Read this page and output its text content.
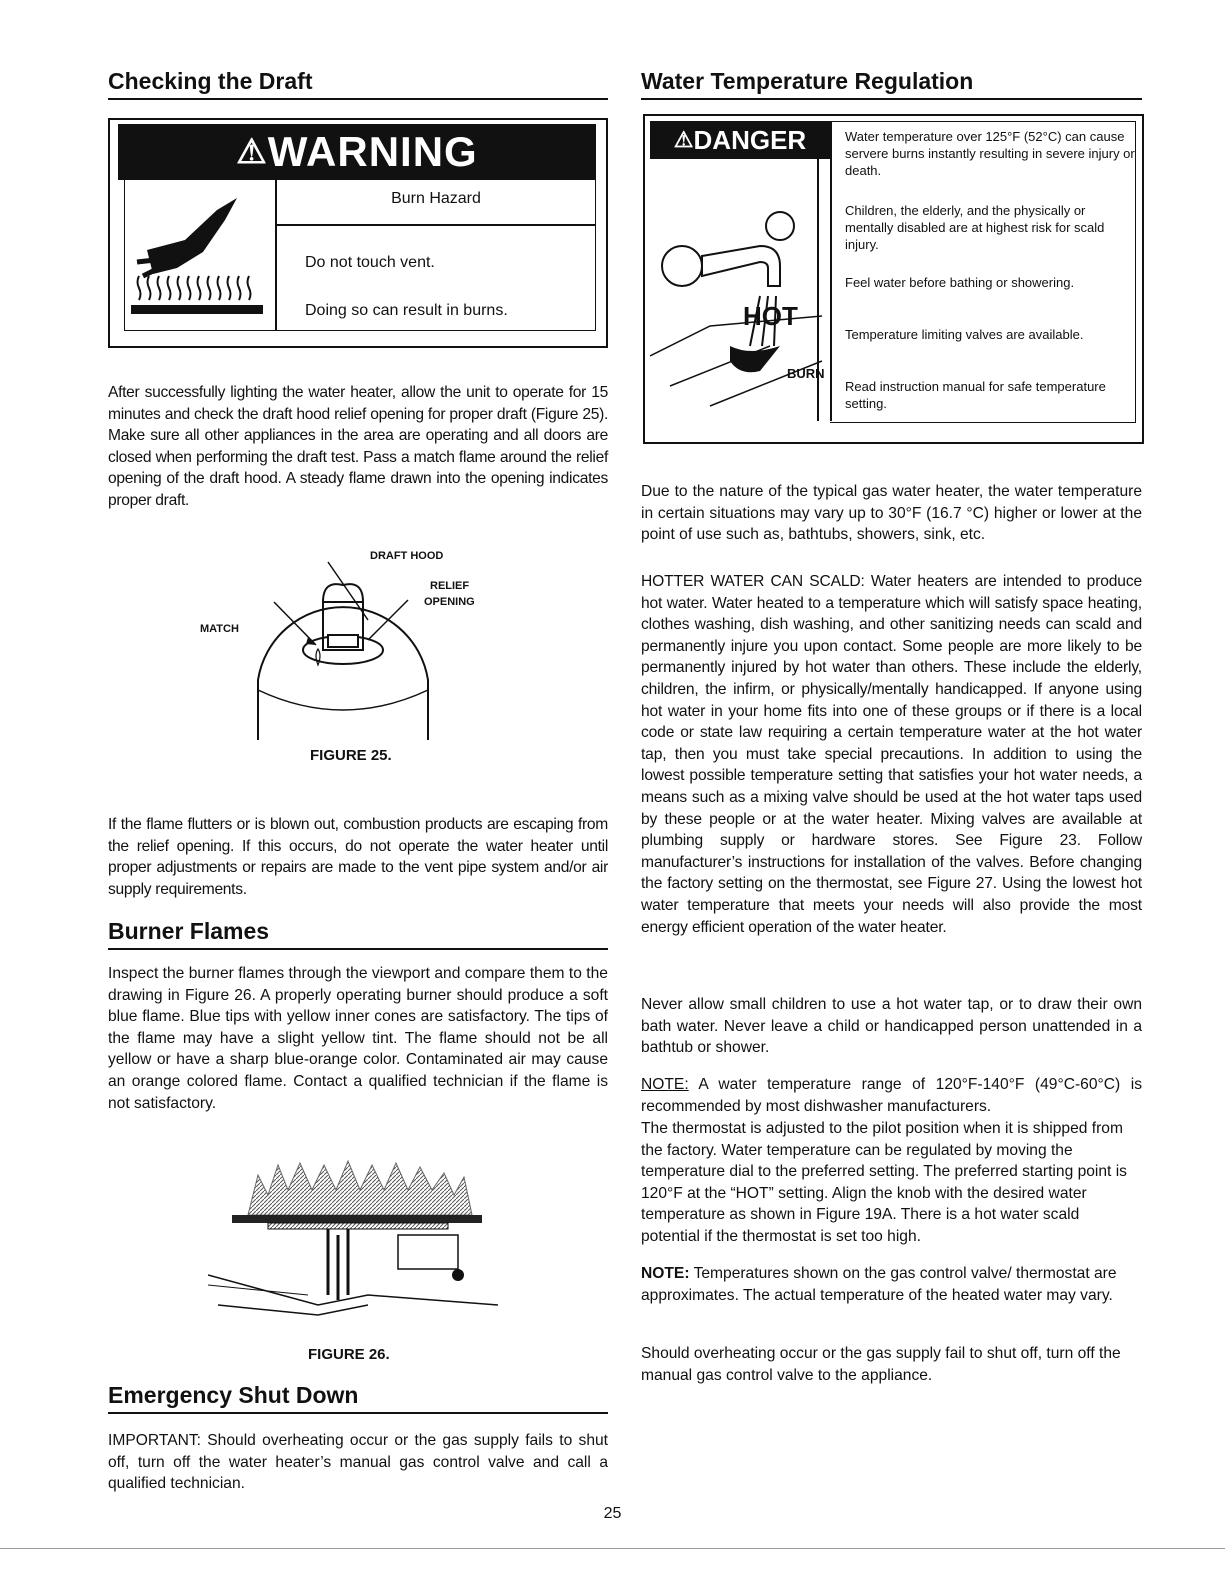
Checking the Draft
⚠WARNING
Burn Hazard
Do not touch vent.
Doing so can result in burns.

After successfully lighting the water heater, allow the unit to operate for 15 minutes and check the draft hood relief opening for proper draft (Figure 25). Make sure all other appliances in the area are operating and all doors are closed when performing the draft test. Pass a match flame around the relief opening of the draft hood. A steady flame drawn into the opening indicates proper draft.

DRAFT HOOD
RELIEF
OPENING
MATCH
FIGURE 25.

If the flame flutters or is blown out, combustion products are escaping from the relief opening. If this occurs, do not operate the water heater until proper adjustments or repairs are made to the vent pipe system and/or air supply requirements.

Burner Flames

Inspect the burner flames through the viewport and compare them to the drawing in Figure 26. A properly operating burner should produce a soft blue flame. Blue tips with yellow inner cones are satisfactory. The tips of the flame may have a slight yellow tint. The flame should not be all yellow or have a sharp blue-orange color. Contaminated air may cause an orange colored flame. Contact a qualified technician if the flame is not satisfactory.

FIGURE 26.
Emergency Shut Down

IMPORTANT: Should overheating occur or the gas supply fails to shut off, turn off the water heater’s manual gas control valve and call a qualified technician.

Water Temperature Regulation
⚠DANGER
HOT
BURN
Water temperature over 125°F (52°C) can cause servere burns instantly resulting in severe injury or death.
Children, the elderly, and the physically or mentally disabled are at highest risk for scald injury.
Feel water before bathing or showering.
Temperature limiting valves are available.
Read instruction manual for safe temperature setting.

Due to the nature of the typical gas water heater, the water temperature in certain situations may vary up to 30°F (16.7 °C) higher or lower at the point of use such as, bathtubs, showers, sink, etc.

HOTTER WATER CAN SCALD: Water heaters are intended to produce hot water. Water heated to a temperature which will satisfy space heating, clothes washing, dish washing, and other sanitizing needs can scald and permanently injure you upon contact. Some people are more likely to be permanently injured by hot water than others. These include the elderly, children, the infirm, or physically/mentally handicapped. If anyone using hot water in your home fits into one of these groups or if there is a local code or state law requiring a certain temperature water at the hot water tap, then you must take special precautions. In addition to using the lowest possible temperature setting that satisfies your hot water needs, a means such as a mixing valve should be used at the hot water taps used by these people or at the water heater. Mixing valves are available at plumbing supply or hardware stores. See Figure 23. Follow manufacturer’s instructions for installation of the valves. Before changing the factory setting on the thermostat, see Figure 27. Using the lowest hot water temperature that meets your needs will also provide the most energy efficient operation of the water heater.

Never allow small children to use a hot water tap, or to draw their own bath water. Never leave a child or handicapped person unattended in a bathtub or shower.

NOTE: A water temperature range of 120°F-140°F (49°C-60°C) is recommended by most dishwasher manufacturers.

The thermostat is adjusted to the pilot position when it is shipped from the factory. Water temperature can be regulated by moving the temperature dial to the preferred setting. The preferred starting point is 120°F at the “HOT” setting. Align the knob with the desired water temperature as shown in Figure 19A. There is a hot water scald potential if the thermostat is set too high.

NOTE: Temperatures shown on the gas control valve/ thermostat are approximates. The actual temperature of the heated water may vary.

Should overheating occur or the gas supply fail to shut off, turn off the manual gas control valve to the appliance.

25
